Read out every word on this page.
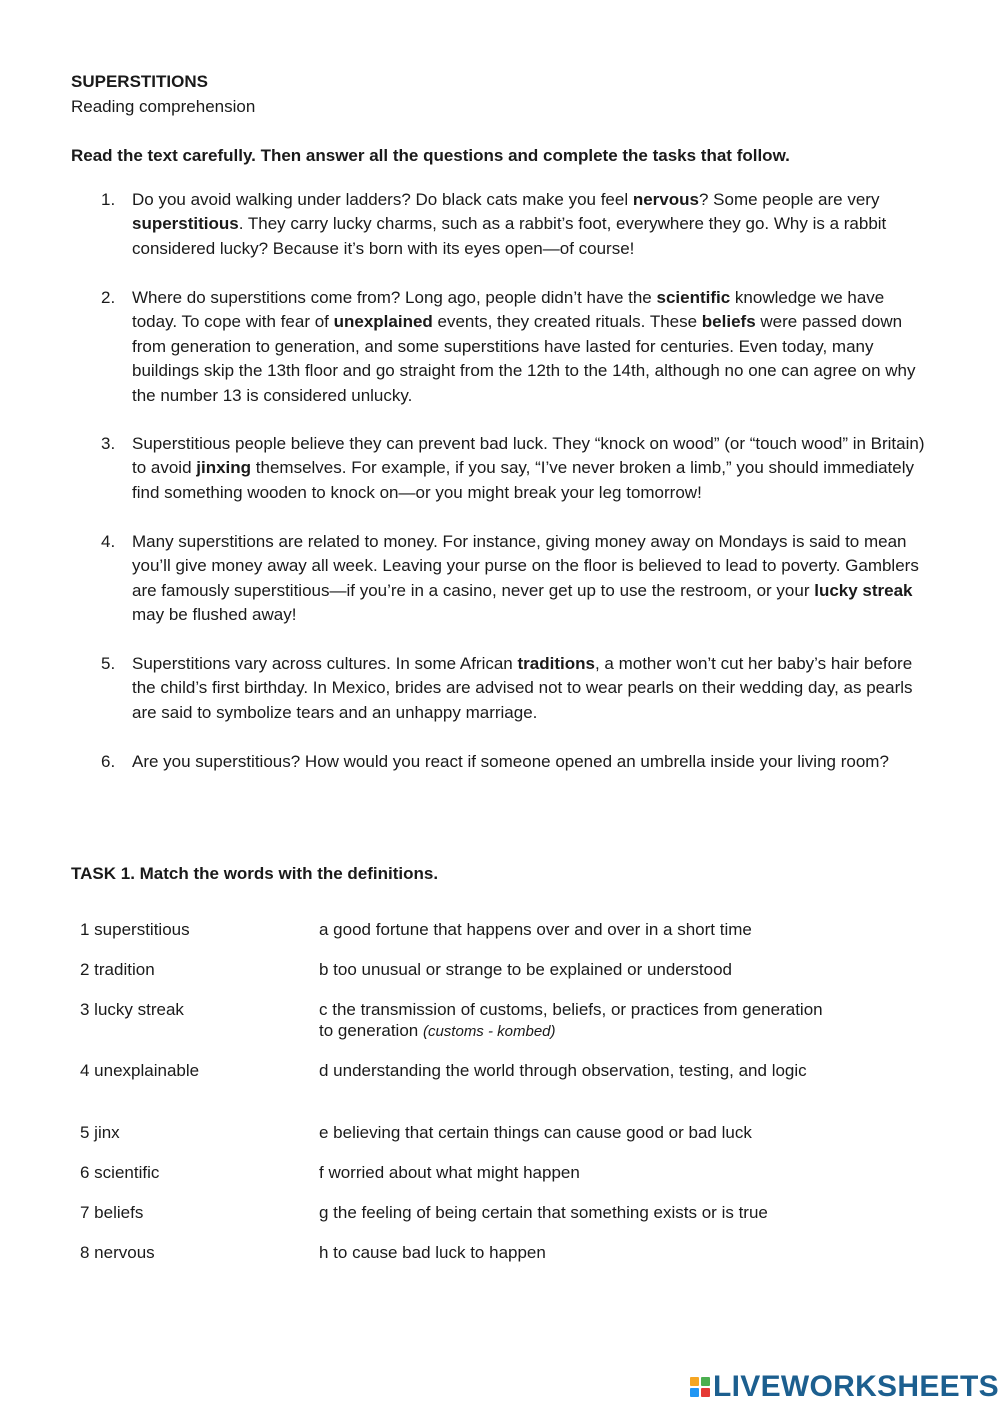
SUPERSTITIONS
Reading comprehension
Read the text carefully. Then answer all the questions and complete the tasks that follow.
1. Do you avoid walking under ladders? Do black cats make you feel nervous? Some people are very superstitious. They carry lucky charms, such as a rabbit’s foot, everywhere they go. Why is a rabbit considered lucky? Because it’s born with its eyes open—of course!
2. Where do superstitions come from? Long ago, people didn’t have the scientific knowledge we have today. To cope with fear of unexplained events, they created rituals. These beliefs were passed down from generation to generation, and some superstitions have lasted for centuries. Even today, many buildings skip the 13th floor and go straight from the 12th to the 14th, although no one can agree on why the number 13 is considered unlucky.
3. Superstitious people believe they can prevent bad luck. They “knock on wood” (or “touch wood” in Britain) to avoid jinxing themselves. For example, if you say, “I’ve never broken a limb,” you should immediately find something wooden to knock on—or you might break your leg tomorrow!
4. Many superstitions are related to money. For instance, giving money away on Mondays is said to mean you’ll give money away all week. Leaving your purse on the floor is believed to lead to poverty. Gamblers are famously superstitious—if you’re in a casino, never get up to use the restroom, or your lucky streak may be flushed away!
5. Superstitions vary across cultures. In some African traditions, a mother won’t cut her baby’s hair before the child’s first birthday. In Mexico, brides are advised not to wear pearls on their wedding day, as pearls are said to symbolize tears and an unhappy marriage.
6. Are you superstitious? How would you react if someone opened an umbrella inside your living room?
TASK 1. Match the words with the definitions.
1 superstitious	a good fortune that happens over and over in a short time
2 tradition	b too unusual or strange to be explained or understood
3 lucky streak	c the transmission of customs, beliefs, or practices from generation to generation (customs - kombed)
4 unexplainable	d understanding the world through observation, testing, and logic
5 jinx	e believing that certain things can cause good or bad luck
6 scientific	f worried about what might happen
7 beliefs	g the feeling of being certain that something exists or is true
8 nervous	h to cause bad luck to happen
LIVEWORKSHEETS
